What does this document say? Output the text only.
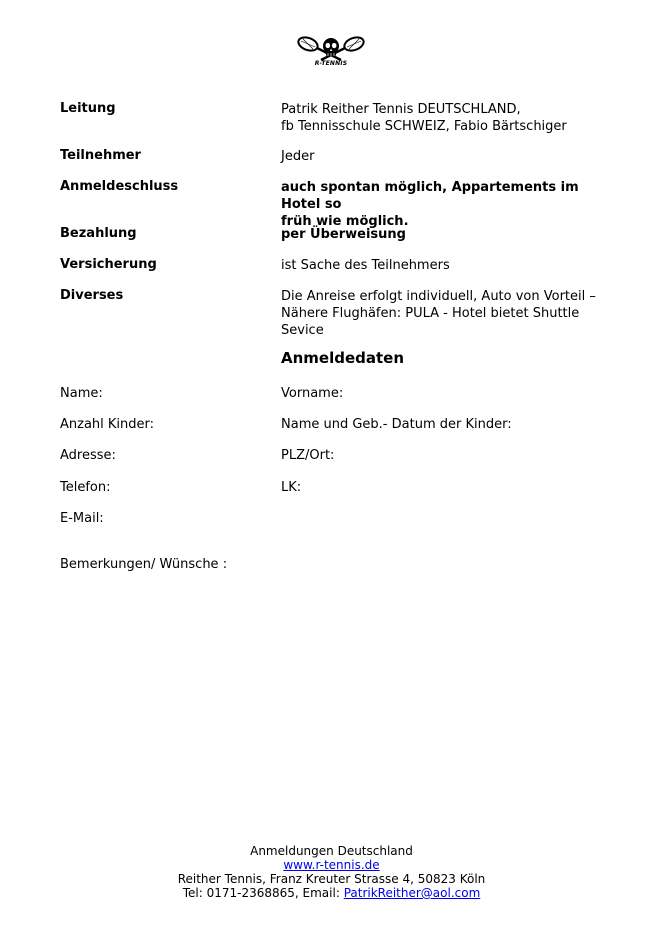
R-TENNIS
Leitung	Patrik Reither Tennis DEUTSCHLAND,
fb Tennisschule SCHWEIZ, Fabio Bärtschiger
Teilnehmer	Jeder
Anmeldeschluss	auch spontan möglich, Appartements im Hotel so
früh wie möglich.
Bezahlung	per Überweisung
Versicherung	ist Sache des Teilnehmers
Diverses	Die Anreise erfolgt individuell, Auto von Vorteil –
Nähere Flughäfen: PULA - Hotel bietet Shuttle Sevice
Anmeldedaten
Name:	Vorname:
Anzahl Kinder:	Name und Geb.- Datum der Kinder:
Adresse:	PLZ/Ort:
Telefon:	LK:
E-Mail:
Bemerkungen/ Wünsche :
Anmeldungen Deutschland
www.r-tennis.de
Reither Tennis, Franz Kreuter Strasse 4, 50823 Köln
Tel: 0171-2368865, Email: PatrikReither@aol.com
